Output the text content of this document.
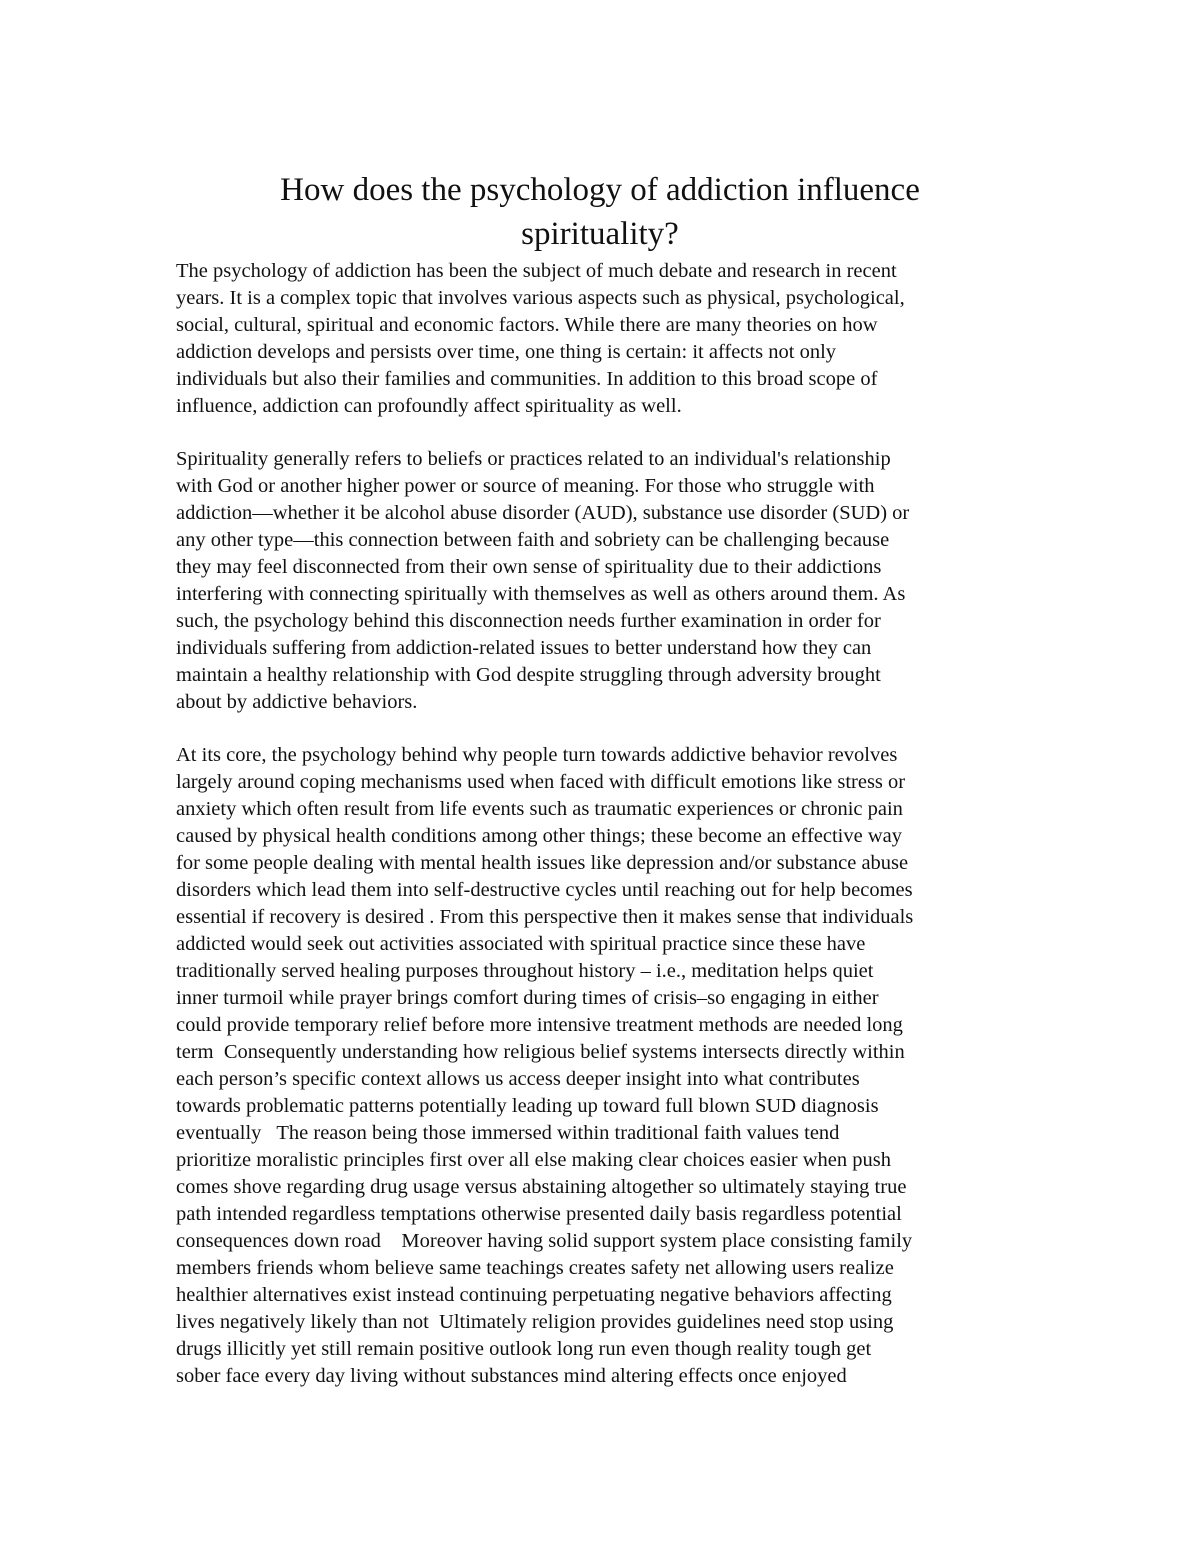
How does the psychology of addiction influence
spirituality?

The psychology of addiction has been the subject of much debate and research in recent
years. It is a complex topic that involves various aspects such as physical, psychological,
social, cultural, spiritual and economic factors. While there are many theories on how
addiction develops and persists over time, one thing is certain: it affects not only
individuals but also their families and communities. In addition to this broad scope of
influence, addiction can profoundly affect spirituality as well.

Spirituality generally refers to beliefs or practices related to an individual's relationship
with God or another higher power or source of meaning. For those who struggle with
addiction—whether it be alcohol abuse disorder (AUD), substance use disorder (SUD) or
any other type—this connection between faith and sobriety can be challenging because
they may feel disconnected from their own sense of spirituality due to their addictions
interfering with connecting spiritually with themselves as well as others around them. As
such, the psychology behind this disconnection needs further examination in order for
individuals suffering from addiction-related issues to better understand how they can
maintain a healthy relationship with God despite struggling through adversity brought
about by addictive behaviors.

At its core, the psychology behind why people turn towards addictive behavior revolves
largely around coping mechanisms used when faced with difficult emotions like stress or
anxiety which often result from life events such as traumatic experiences or chronic pain
caused by physical health conditions among other things; these become an effective way
for some people dealing with mental health issues like depression and/or substance abuse
disorders which lead them into self-destructive cycles until reaching out for help becomes
essential if recovery is desired . From this perspective then it makes sense that individuals
addicted would seek out activities associated with spiritual practice since these have
traditionally served healing purposes throughout history – i.e., meditation helps quiet
inner turmoil while prayer brings comfort during times of crisis–so engaging in either
could provide temporary relief before more intensive treatment methods are needed long
term  Consequently understanding how religious belief systems intersects directly within
each person’s specific context allows us access deeper insight into what contributes
towards problematic patterns potentially leading up toward full blown SUD diagnosis
eventually   The reason being those immersed within traditional faith values tend
prioritize moralistic principles first over all else making clear choices easier when push
comes shove regarding drug usage versus abstaining altogether so ultimately staying true
path intended regardless temptations otherwise presented daily basis regardless potential
consequences down road    Moreover having solid support system place consisting family
members friends whom believe same teachings creates safety net allowing users realize
healthier alternatives exist instead continuing perpetuating negative behaviors affecting
lives negatively likely than not  Ultimately religion provides guidelines need stop using
drugs illicitly yet still remain positive outlook long run even though reality tough get
sober face every day living without substances mind altering effects once enjoyed
